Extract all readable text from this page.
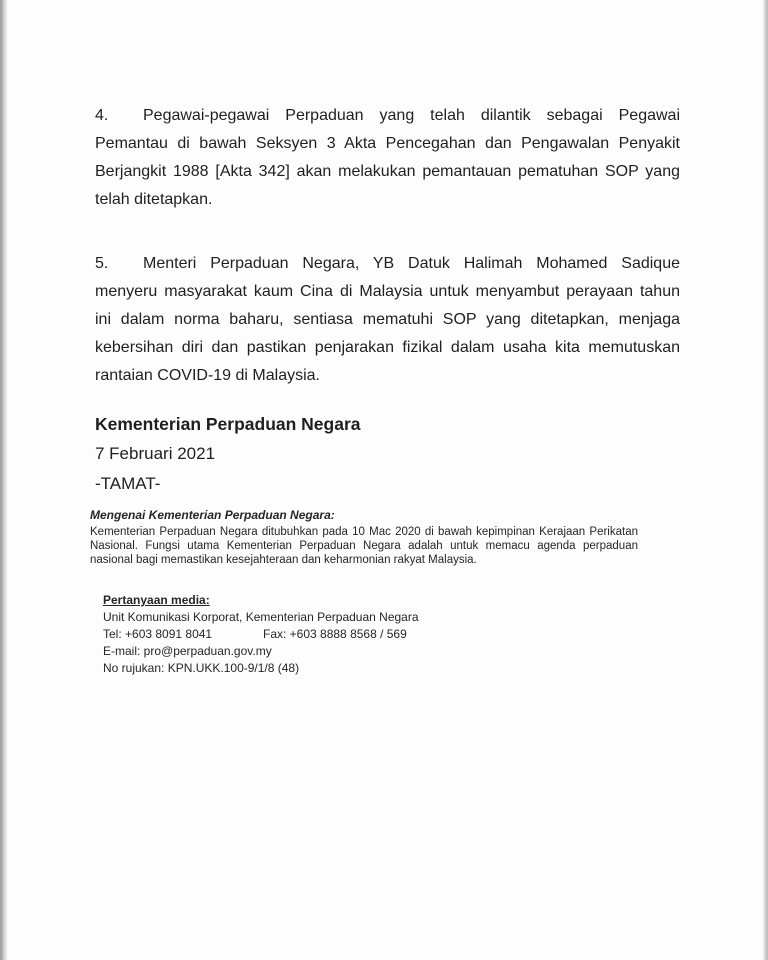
4. Pegawai-pegawai Perpaduan yang telah dilantik sebagai Pegawai
Pemantau di bawah Seksyen 3 Akta Pencegahan dan Pengawalan Penyakit
Berjangkit 1988 [Akta 342] akan melakukan pemantauan pematuhan SOP yang
telah ditetapkan.
5. Menteri Perpaduan Negara, YB Datuk Halimah Mohamed Sadique
menyeru masyarakat kaum Cina di Malaysia untuk menyambut perayaan tahun
ini dalam norma baharu, sentiasa mematuhi SOP yang ditetapkan, menjaga
kebersihan diri dan pastikan penjarakan fizikal dalam usaha kita memutuskan
rantaian COVID-19 di Malaysia.
Kementerian Perpaduan Negara
7 Februari 2021
-TAMAT-
Mengenai Kementerian Perpaduan Negara:
Kementerian Perpaduan Negara ditubuhkan pada 10 Mac 2020 di bawah kepimpinan Kerajaan Perikatan Nasional. Fungsi utama Kementerian Perpaduan Negara adalah untuk memacu agenda perpaduan nasional bagi memastikan kesejahteraan dan keharmonian rakyat Malaysia.
Pertanyaan media:
Unit Komunikasi Korporat, Kementerian Perpaduan Negara
Tel: +603 8091 8041	Fax: +603 8888 8568 / 569
E-mail: pro@perpaduan.gov.my
No rujukan: KPN.UKK.100-9/1/8 (48)
